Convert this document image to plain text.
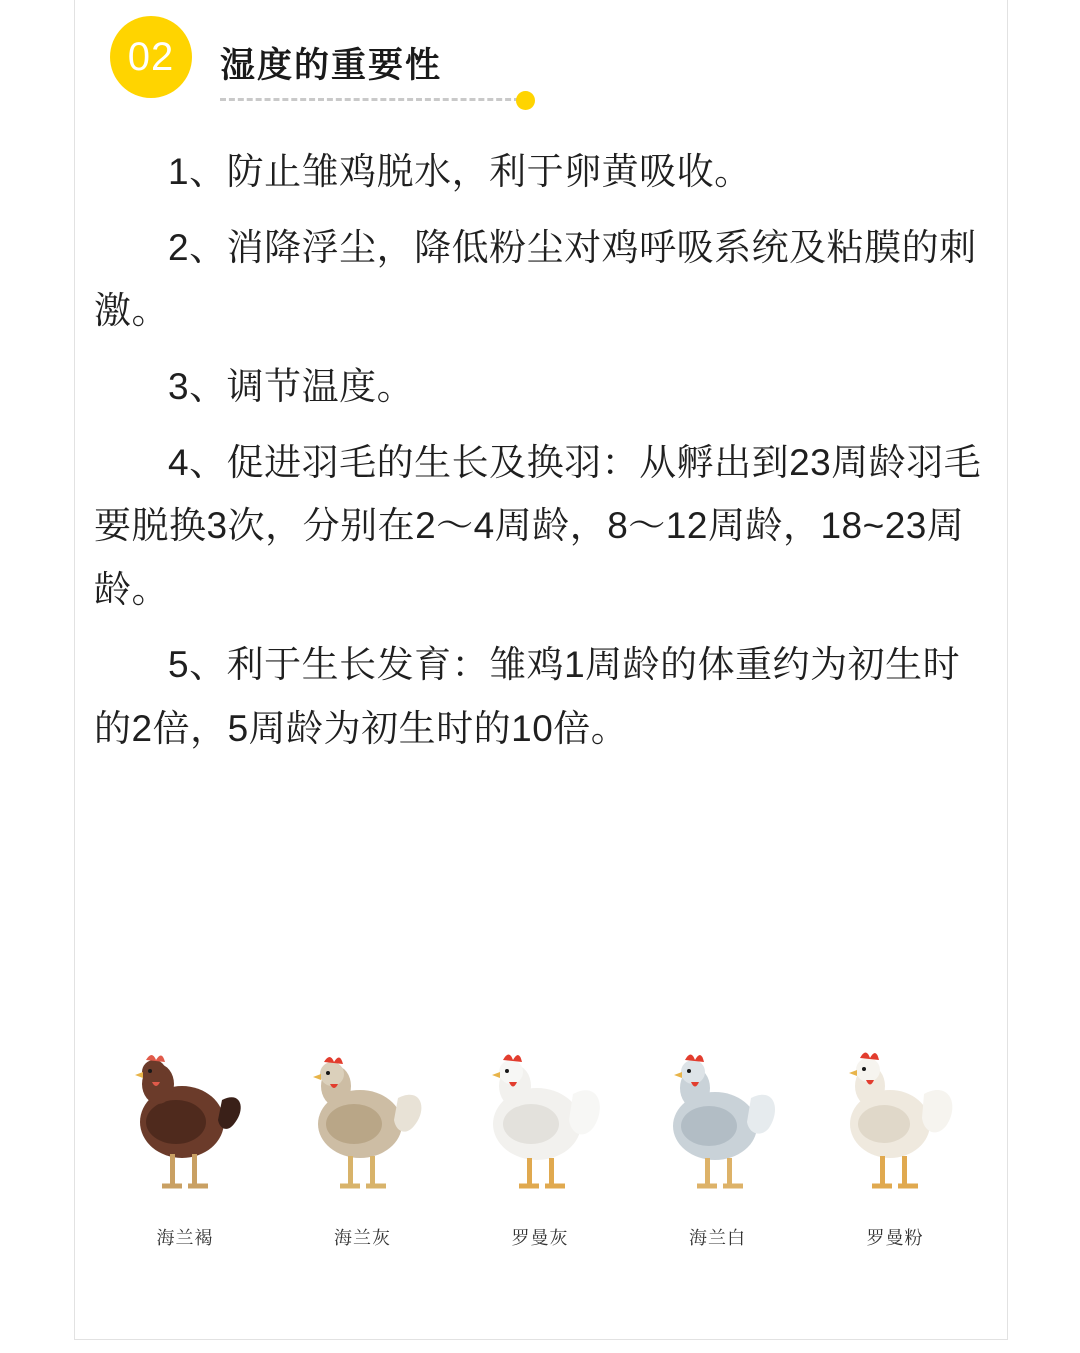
02 湿度的重要性

1、防止雏鸡脱水，利于卵黄吸收。

2、消降浮尘，降低粉尘对鸡呼吸系统及粘膜的刺激。

3、调节温度。

4、促进羽毛的生长及换羽：从孵出到23周龄羽毛要脱换3次，分别在2～4周龄，8～12周龄，18~23周龄。

5、利于生长发育：雏鸡1周龄的体重约为初生时的2倍，5周龄为初生时的10倍。

海兰褐	海兰灰	罗曼灰	海兰白	罗曼粉
